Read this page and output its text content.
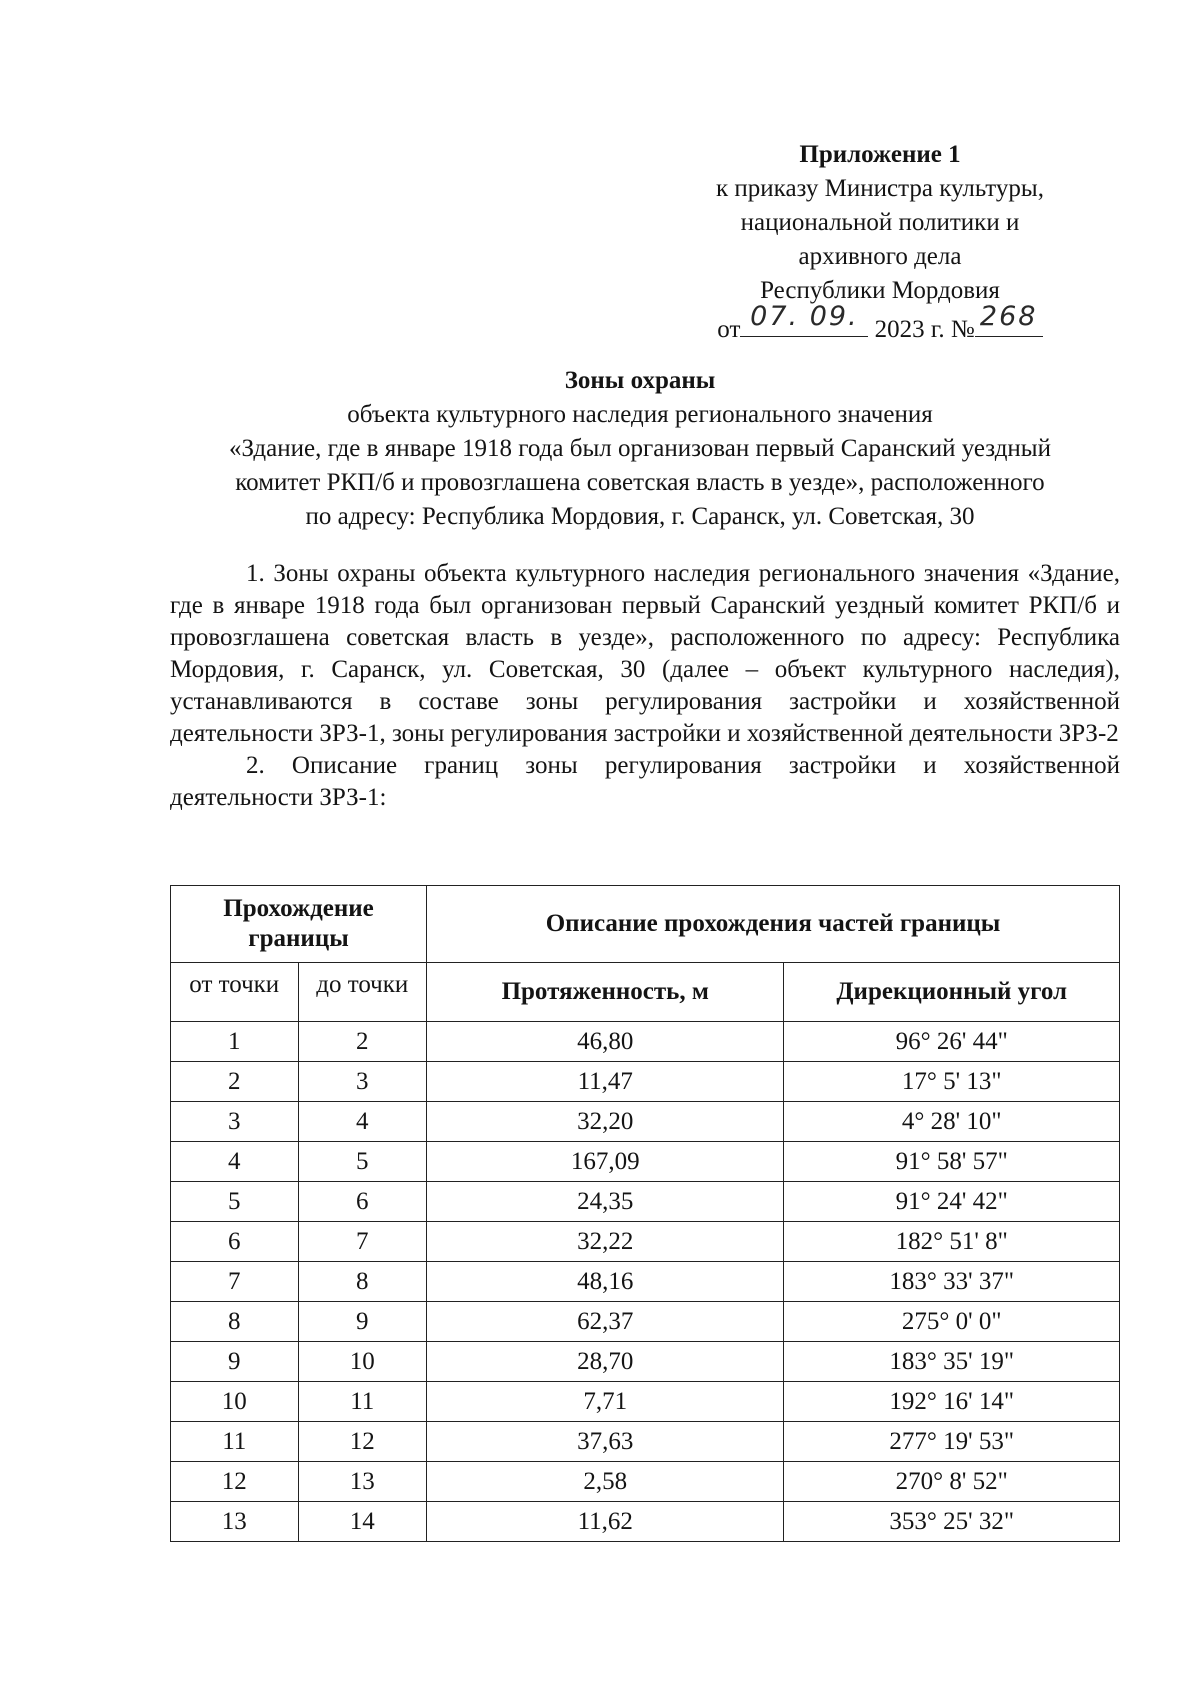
Приложение 1
к приказу Министра культуры,
национальной политики и
архивного дела
Республики Мордовия
от 07. 09. 2023 г. № 268
Зоны охраны
объекта культурного наследия регионального значения
«Здание, где в январе 1918 года был организован первый Саранский уездный
комитет РКП/б и провозглашена советская власть в уезде», расположенного
по адресу: Республика Мордовия, г. Саранск, ул. Советская, 30

1. Зоны охраны объекта культурного наследия регионального значения «Здание, где в январе 1918 года был организован первый Саранский уездный комитет РКП/б и провозглашена советская власть в уезде», расположенного по адресу: Республика Мордовия, г. Саранск, ул. Советская, 30 (далее – объект культурного наследия), устанавливаются в составе зоны регулирования застройки и хозяйственной деятельности ЗРЗ-1, зоны регулирования застройки и хозяйственной деятельности ЗРЗ-2

2. Описание границ зоны регулирования застройки и хозяйственной деятельности ЗРЗ-1:

Прохождение
границы		Описание прохождения частей границы	
от точки	до точки	Протяженность, м	Дирекционный угол
1	2	46,80	96° 26' 44"
2	3	11,47	17° 5' 13"
3	4	32,20	4° 28' 10"
4	5	167,09	91° 58' 57"
5	6	24,35	91° 24' 42"
6	7	32,22	182° 51' 8"
7	8	48,16	183° 33' 37"
8	9	62,37	275° 0' 0"
9	10	28,70	183° 35' 19"
10	11	7,71	192° 16' 14"
11	12	37,63	277° 19' 53"
12	13	2,58	270° 8' 52"
13	14	11,62	353° 25' 32"
